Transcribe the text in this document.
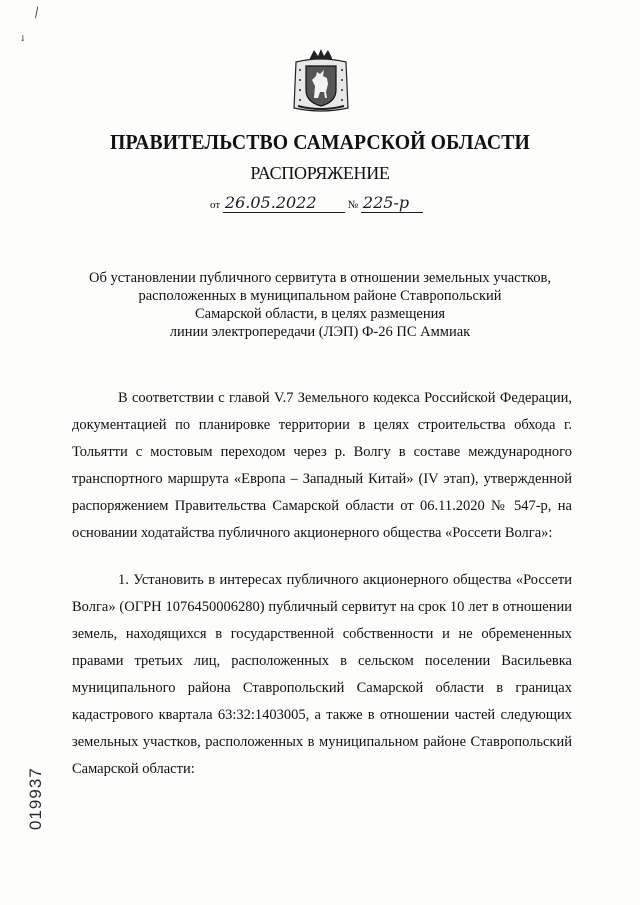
⁄
✓
ПРАВИТЕЛЬСТВО САМАРСКОЙ ОБЛАСТИ
РАСПОРЯЖЕНИЕ
от 26.05.2022	№ 225-р
Об установлении публичного сервитута в отношении земельных участков,
расположенных в муниципальном районе Ставропольский
Самарской области, в целях размещения
линии электропередачи (ЛЭП) Ф-26 ПС Аммиак
В соответствии с главой V.7 Земельного кодекса Российской Федерации, документацией по планировке территории в целях строительства обхода г. Тольятти с мостовым переходом через р. Волгу в составе международного транспортного маршрута «Европа – Западный Китай» (IV этап), утвержденной распоряжением Правительства Самарской области от 06.11.2020 № 547-р, на основании ходатайства публичного акционерного общества «Россети Волга»:
1. Установить в интересах публичного акционерного общества «Россети Волга» (ОГРН 1076450006280) публичный сервитут на срок 10 лет в отношении земель, находящихся в государственной собственности и не обремененных правами третьих лиц, расположенных в сельском поселении Васильевка муниципального района Ставропольский Самарской области в границах кадастрового квартала 63:32:1403005, а также в отношении частей следующих земельных участков, расположенных в муниципальном районе Ставропольский Самарской области:
019937
